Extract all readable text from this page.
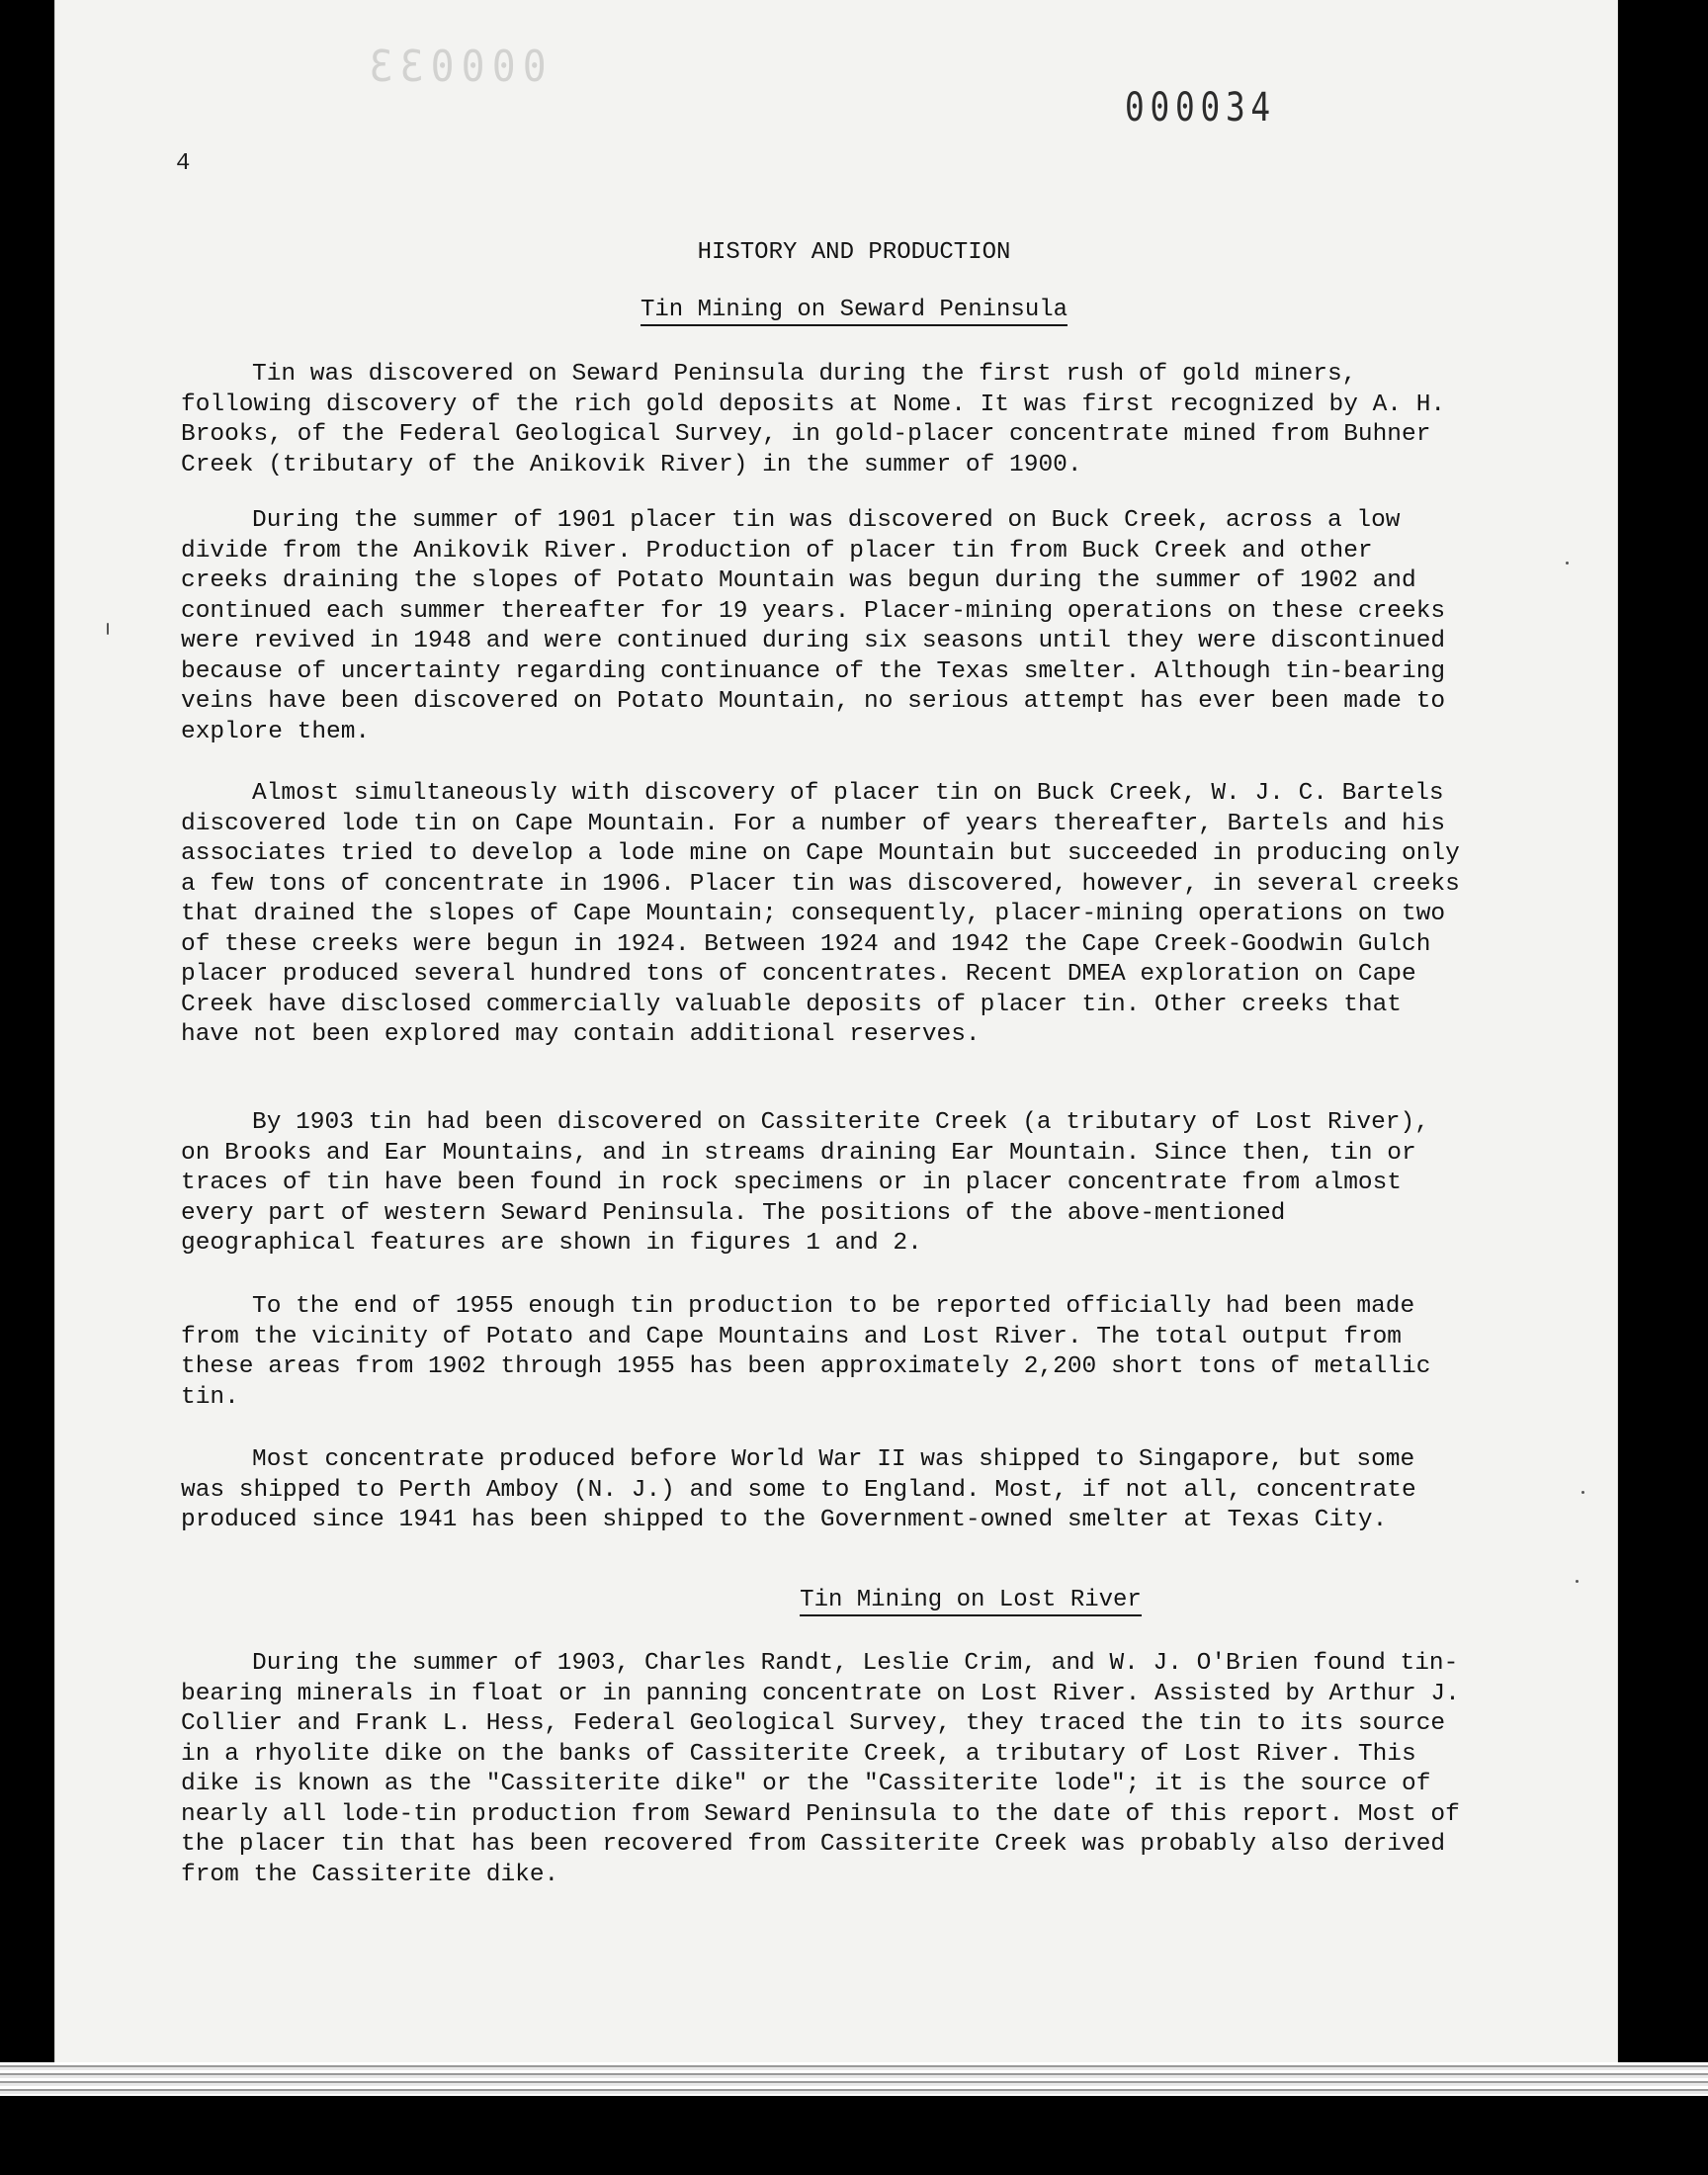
000033
000034
4
HISTORY AND PRODUCTION
Tin Mining on Seward Peninsula

Tin was discovered on Seward Peninsula during the first rush of gold miners, following discovery of the rich gold deposits at Nome. It was first recognized by A. H. Brooks, of the Federal Geological Survey, in gold-placer concentrate mined from Buhner Creek (tributary of the Anikovik River) in the summer of 1900.

During the summer of 1901 placer tin was discovered on Buck Creek, across a low divide from the Anikovik River. Production of placer tin from Buck Creek and other creeks draining the slopes of Potato Mountain was begun during the summer of 1902 and continued each summer thereafter for 19 years. Placer-mining operations on these creeks were revived in 1948 and were continued during six seasons until they were discontinued because of uncertainty regarding continuance of the Texas smelter. Although tin-bearing veins have been discovered on Potato Mountain, no serious attempt has ever been made to explore them.

Almost simultaneously with discovery of placer tin on Buck Creek, W. J. C. Bartels discovered lode tin on Cape Mountain. For a number of years thereafter, Bartels and his associates tried to develop a lode mine on Cape Mountain but succeeded in producing only a few tons of concentrate in 1906. Placer tin was discovered, however, in several creeks that drained the slopes of Cape Mountain; consequently, placer-mining operations on two of these creeks were begun in 1924. Between 1924 and 1942 the Cape Creek-Goodwin Gulch placer produced several hundred tons of concentrates. Recent DMEA exploration on Cape Creek have disclosed commercially valuable deposits of placer tin. Other creeks that have not been explored may contain additional reserves.

By 1903 tin had been discovered on Cassiterite Creek (a tributary of Lost River), on Brooks and Ear Mountains, and in streams draining Ear Mountain. Since then, tin or traces of tin have been found in rock specimens or in placer concentrate from almost every part of western Seward Peninsula. The positions of the above-mentioned geographical features are shown in figures 1 and 2.

To the end of 1955 enough tin production to be reported officially had been made from the vicinity of Potato and Cape Mountains and Lost River. The total output from these areas from 1902 through 1955 has been approximately 2,200 short tons of metallic tin.

Most concentrate produced before World War II was shipped to Singapore, but some was shipped to Perth Amboy (N. J.) and some to England. Most, if not all, concentrate produced since 1941 has been shipped to the Government-owned smelter at Texas City.

Tin Mining on Lost River

During the summer of 1903, Charles Randt, Leslie Crim, and W. J. O'Brien found tin-bearing minerals in float or in panning concentrate on Lost River. Assisted by Arthur J. Collier and Frank L. Hess, Federal Geological Survey, they traced the tin to its source in a rhyolite dike on the banks of Cassiterite Creek, a tributary of Lost River. This dike is known as the "Cassiterite dike" or the "Cassiterite lode"; it is the source of nearly all lode-tin production from Seward Peninsula to the date of this report. Most of the placer tin that has been recovered from Cassiterite Creek was probably also derived from the Cassiterite dike.
